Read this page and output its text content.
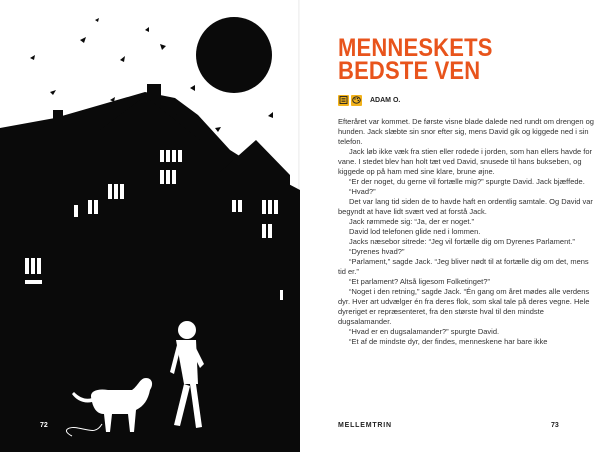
72
MENNESKETS
BEDSTE VEN
ADAM O.

Efteråret var kommet. De første visne blade dalede ned rundt om drengen og hunden. Jack slæbte sin snor efter sig, mens David gik og kiggede ned i sin telefon.

Jack løb ikke væk fra stien eller rodede i jorden, som han ellers havde for vane. I stedet blev han holt tæt ved David, snusede til hans bukseben, og kiggede op på ham med sine klare, brune øjne.

“Er der noget, du gerne vil fortælle mig?” spurgte David. Jack bjæffede.

“Hvad?”

Det var lang tid siden de to havde haft en ordentlig samtale. Og David var begyndt at have lidt svært ved at forstå Jack.

Jack rømmede sig: “Ja, der er noget.”

David lod telefonen glide ned i lommen.

Jacks næsebor sitrede: “Jeg vil fortælle dig om Dyrenes Parlament.”

“Dyrenes hvad?”

“Parlament,” sagde Jack. “Jeg bliver nødt til at fortælle dig om det, mens tid er.”

“Et parlament? Altså ligesom Folketinget?”

“Noget i den retning,” sagde Jack. “Én gang om året mødes alle verdens dyr. Hver art udvælger én fra deres flok, som skal tale på deres vegne. Hele dyreriget er repræsenteret, fra den største hval til den mindste dugsalamander.

“Hvad er en dugsalamander?” spurgte David.

“Et af de mindste dyr, der findes, menneskene har bare ikke

MELLEMTRIN	73
